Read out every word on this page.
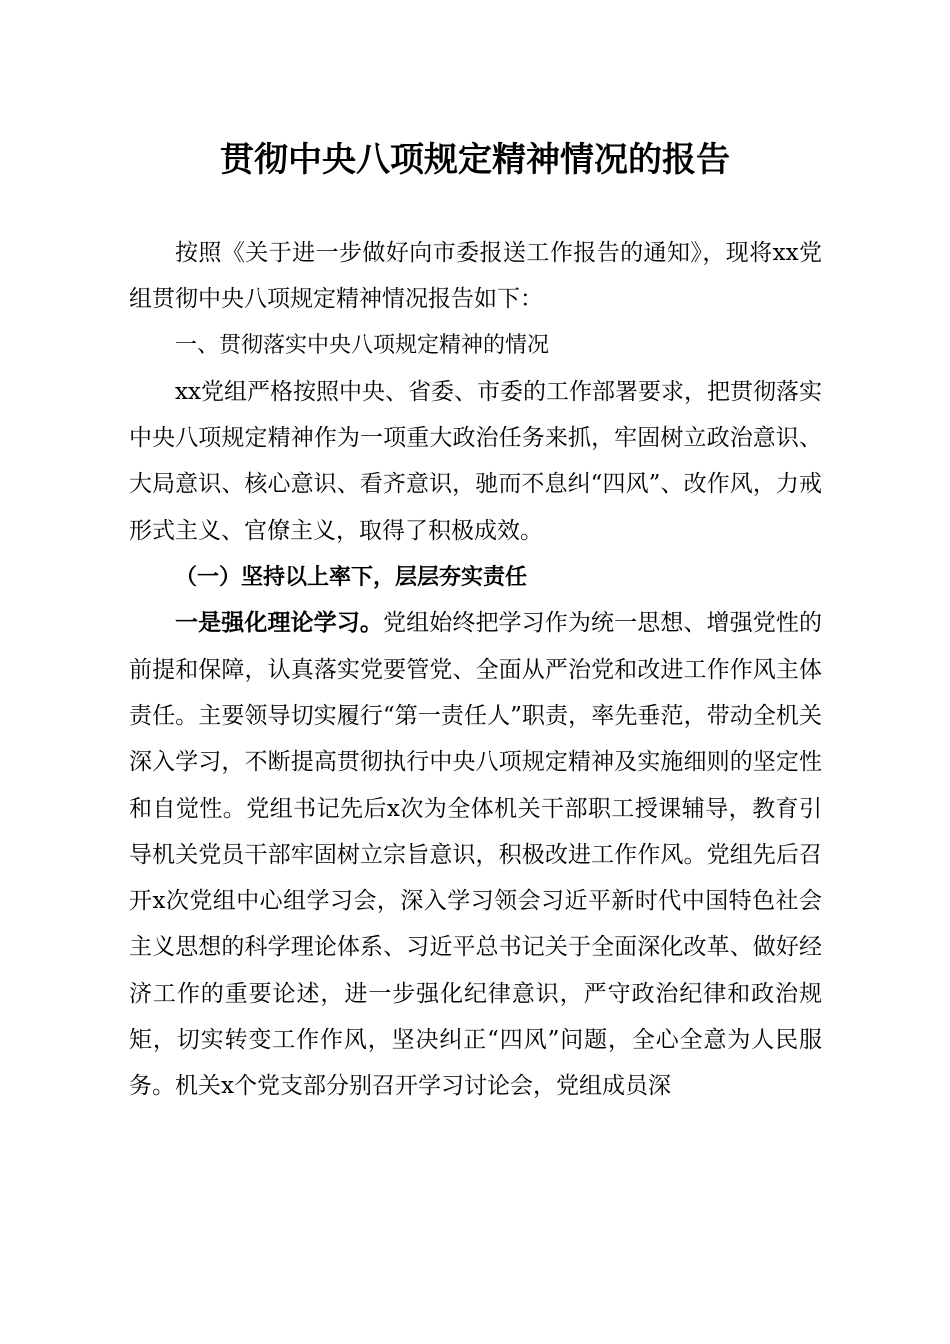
贯彻中央八项规定精神情况的报告

按照《关于进一步做好向市委报送工作报告的通知》，现将xx党组贯彻中央八项规定精神情况报告如下：

一、贯彻落实中央八项规定精神的情况

xx党组严格按照中央、省委、市委的工作部署要求，把贯彻落实中央八项规定精神作为一项重大政治任务来抓，牢固树立政治意识、大局意识、核心意识、看齐意识，驰而不息纠“四风”、改作风，力戒形式主义、官僚主义，取得了积极成效。

（一）坚持以上率下，层层夯实责任

一是强化理论学习。党组始终把学习作为统一思想、增强党性的前提和保障，认真落实党要管党、全面从严治党和改进工作作风主体责任。主要领导切实履行“第一责任人”职责，率先垂范，带动全机关深入学习，不断提高贯彻执行中央八项规定精神及实施细则的坚定性和自觉性。党组书记先后x次为全体机关干部职工授课辅导，教育引导机关党员干部牢固树立宗旨意识，积极改进工作作风。党组先后召开x次党组中心组学习会，深入学习领会习近平新时代中国特色社会主义思想的科学理论体系、习近平总书记关于全面深化改革、做好经济工作的重要论述，进一步强化纪律意识，严守政治纪律和政治规矩，切实转变工作作风，坚决纠正“四风”问题，全心全意为人民服务。机关x个党支部分别召开学习讨论会，党组成员深
